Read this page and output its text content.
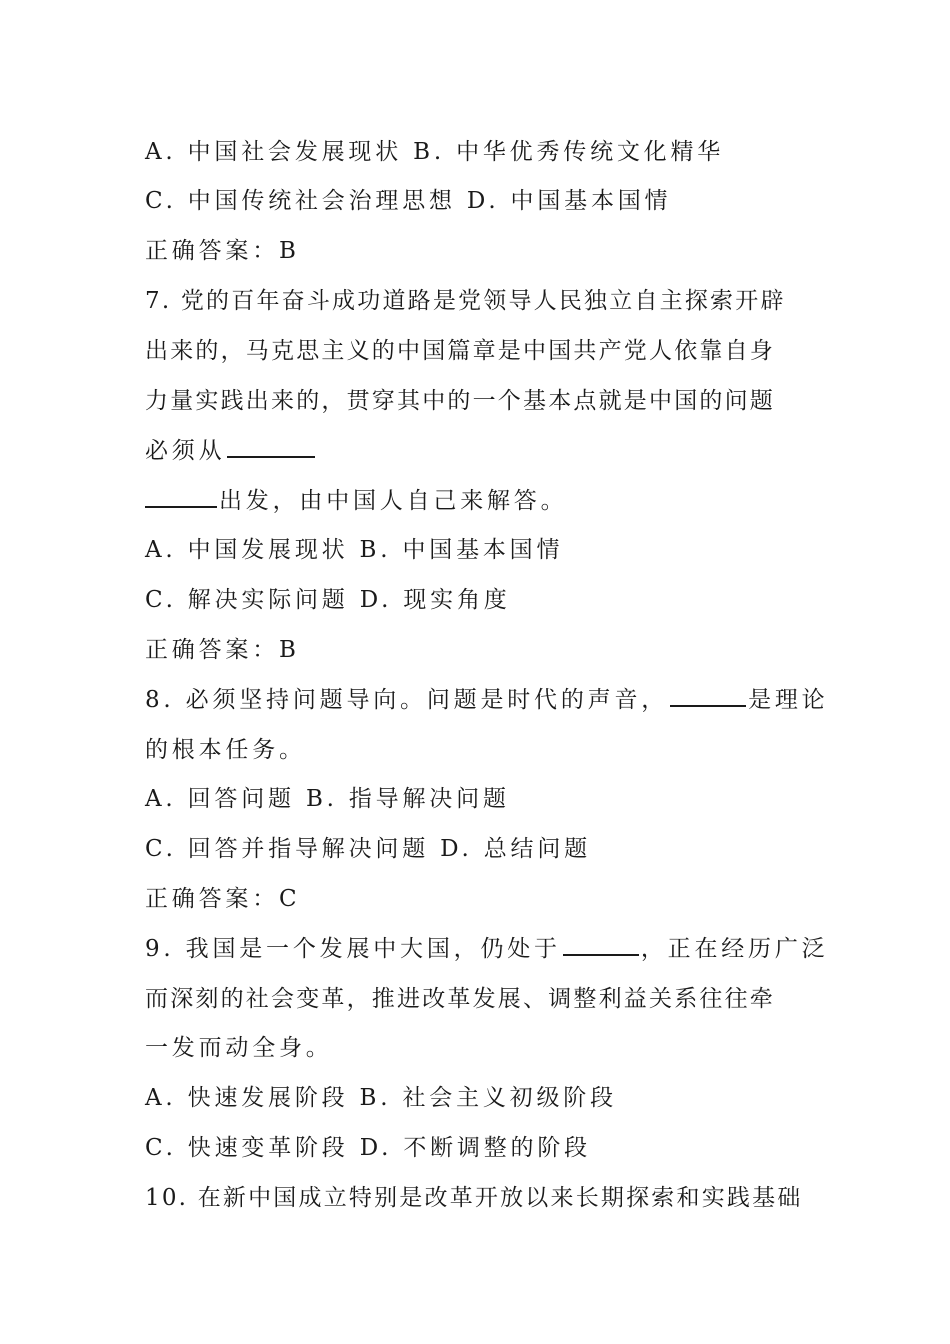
A. 中国社会发展现状 B. 中华优秀传统文化精华
C. 中国传统社会治理思想 D. 中国基本国情
正确答案：B
7. 党的百年奋斗成功道路是党领导人民独立自主探索开辟
出来的，马克思主义的中国篇章是中国共产党人依靠自身
力量实践出来的，贯穿其中的一个基本点就是中国的问题
必须从
出发，由中国人自己来解答。
A. 中国发展现状 B. 中国基本国情
C. 解决实际问题 D. 现实角度
正确答案：B
8. 必须坚持问题导向。问题是时代的声音，	是理论
的根本任务。
A. 回答问题 B. 指导解决问题
C. 回答并指导解决问题 D. 总结问题
正确答案：C
9. 我国是一个发展中大国，仍处于	，正在经历广泛
而深刻的社会变革，推进改革发展、调整利益关系往往牵
一发而动全身。
A. 快速发展阶段 B. 社会主义初级阶段
C. 快速变革阶段 D. 不断调整的阶段
10. 在新中国成立特别是改革开放以来长期探索和实践基础
